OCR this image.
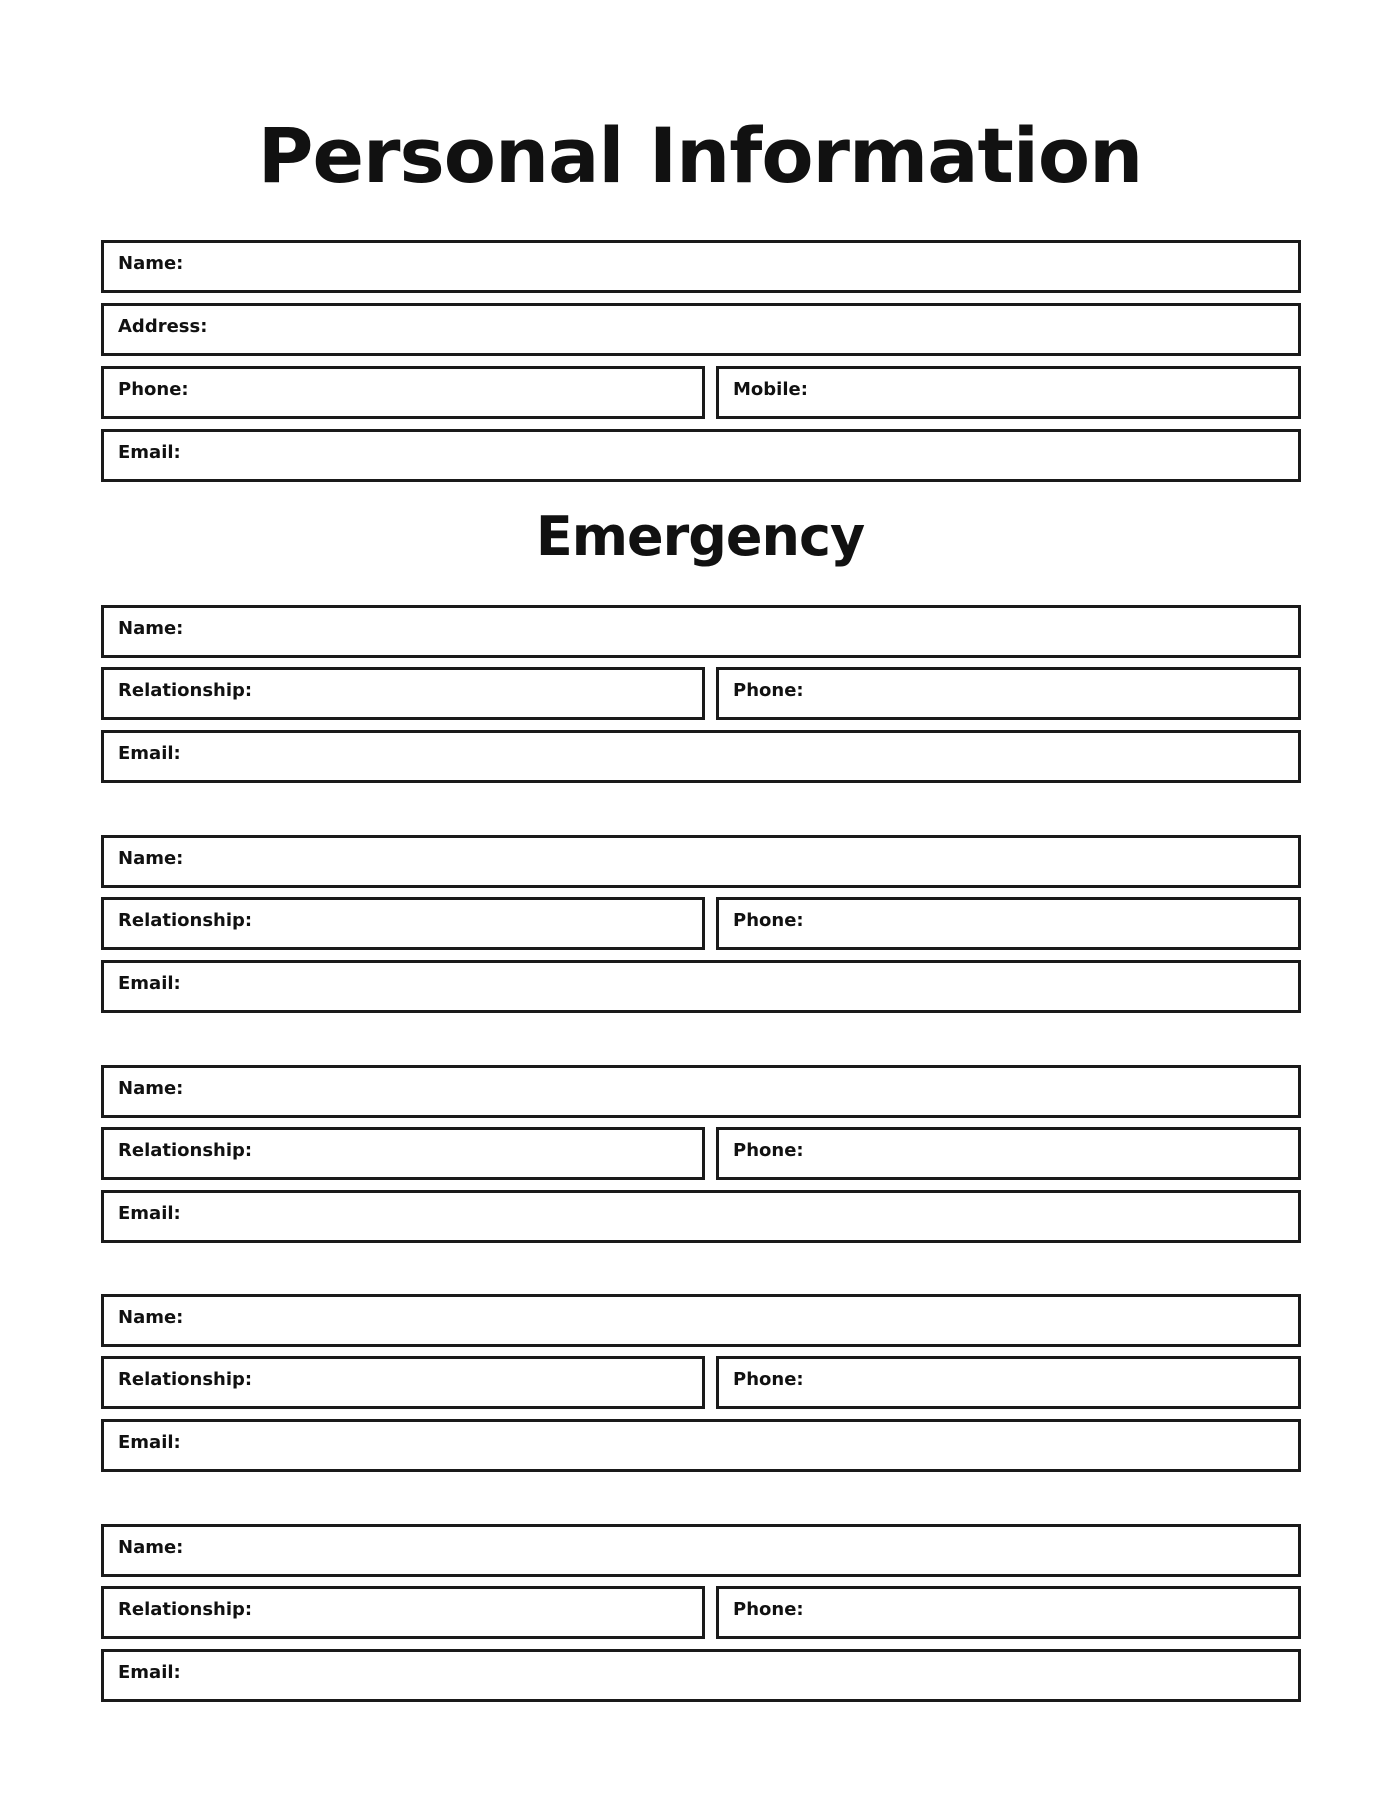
Personal Information
Name:
Address:
Phone:	Mobile:
Email:
Emergency
Name:
Relationship:	Phone:
Email:
Name:
Relationship:	Phone:
Email:
Name:
Relationship:	Phone:
Email:
Name:
Relationship:	Phone:
Email:
Name:
Relationship:	Phone:
Email:
